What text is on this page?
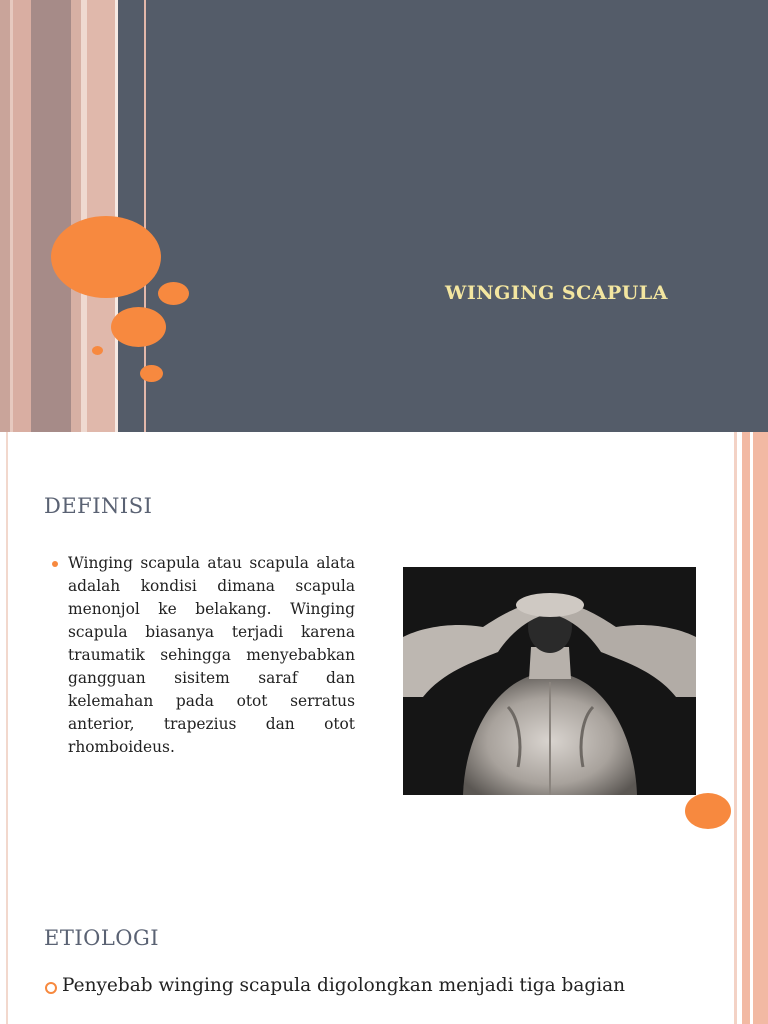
WINGING SCAPULA
DEFINISI
Winging scapula atau scapula alata adalah kondisi dimana scapula menonjol ke belakang. Winging scapula biasanya terjadi karena traumatik sehingga menyebabkan gangguan sisitem saraf dan kelemahan pada otot serratus anterior, trapezius dan otot rhomboideus.
ETIOLOGI
Penyebab winging scapula digolongkan menjadi tiga bagian
